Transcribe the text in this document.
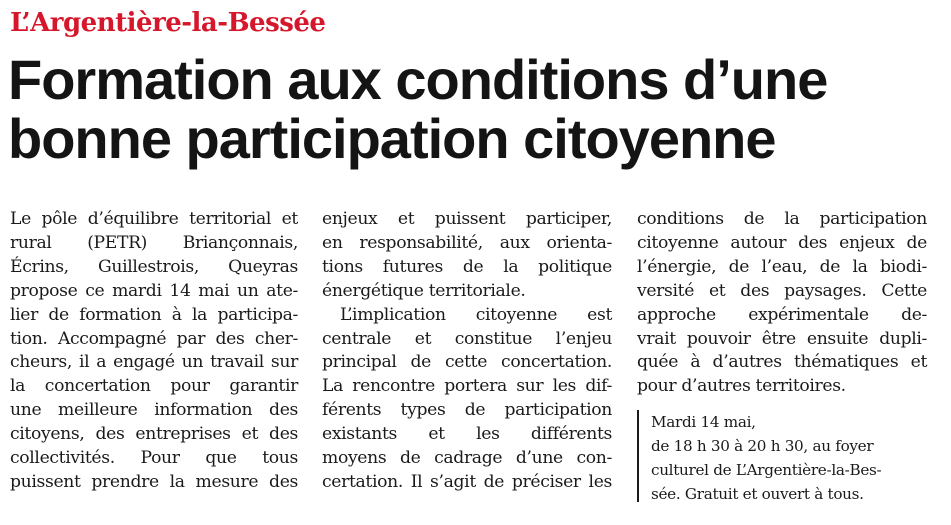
L’Argentière-la-Bessée
Formation aux conditions d’une
bonne participation citoyenne
Le pôle d’équilibre territorial et
rural (PETR) Briançonnais,
Écrins, Guillestrois, Queyras
propose ce mardi 14 mai un ate-
lier de formation à la participa-
tion. Accompagné par des cher-
cheurs, il a engagé un travail sur
la concertation pour garantir
une meilleure information des
citoyens, des entreprises et des
collectivités. Pour que tous
puissent prendre la mesure des
enjeux et puissent participer,
en responsabilité, aux orienta-
tions futures de la politique
énergétique territoriale.
L’implication citoyenne est
centrale et constitue l’enjeu
principal de cette concertation.
La rencontre portera sur les dif-
férents types de participation
existants et les différents
moyens de cadrage d’une con-
certation. Il s’agit de préciser les
conditions de la participation
citoyenne autour des enjeux de
l’énergie, de l’eau, de la biodi-
versité et des paysages. Cette
approche expérimentale de-
vrait pouvoir être ensuite dupli-
quée à d’autres thématiques et
pour d’autres territoires.
Mardi 14 mai,
de 18 h 30 à 20 h 30, au foyer
culturel de L’Argentière-la-Bes-
sée. Gratuit et ouvert à tous.
